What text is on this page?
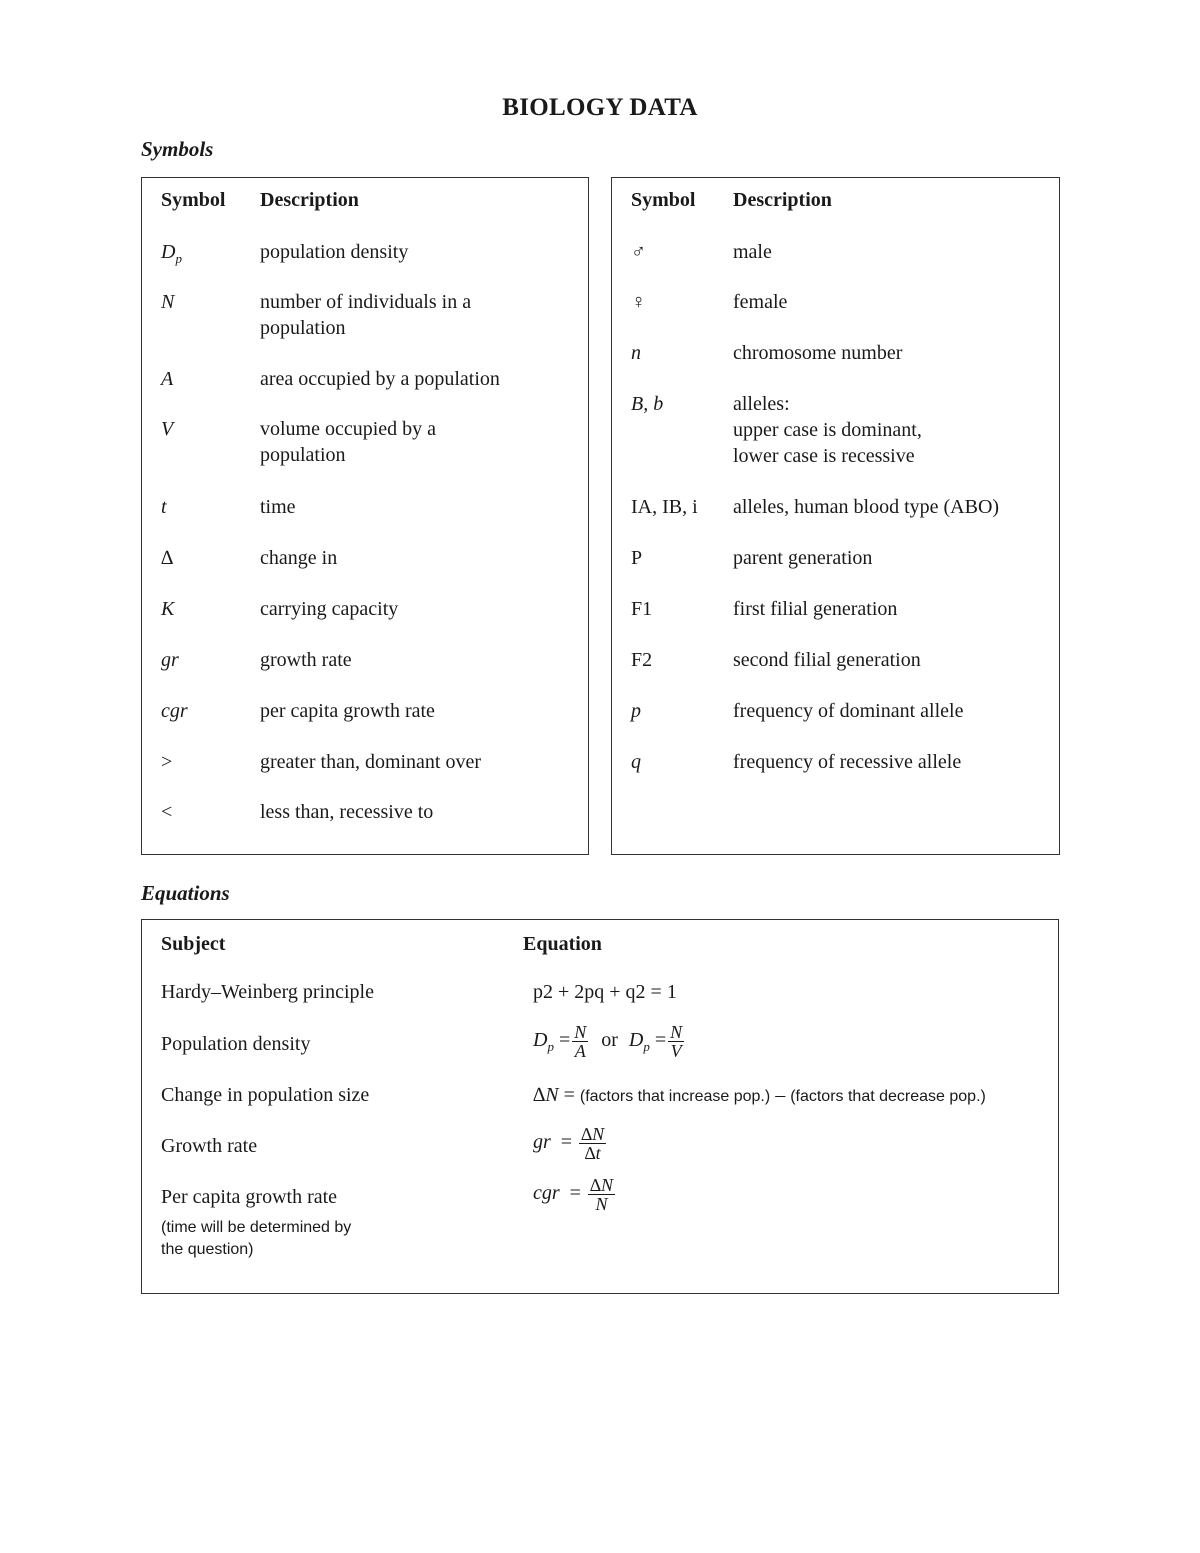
BIOLOGY DATA
Symbols
Symbol Description
$D_p$	population density
N	number of individuals in a
population
A	area occupied by a population
V	volume occupied by a
population
t	time
∆	change in
K	carrying capacity
gr	growth rate
cgr	per capita growth rate
>	greater than, dominant over
<	less than, recessive to
Symbol Description
♂	male
♀	female
n	chromosome number
B, b	alleles:
upper case is dominant,
lower case is recessive
IA, IB, i alleles, human blood type (ABO)
P	parent generation
F1	first filial generation
F2	second filial generation
p	frequency of dominant allele
q	frequency of recessive allele
Equations
Subject	Equation
Hardy–Weinberg principle	p2 + 2pq + q2 = 1
Population density	$D_p = \frac{N}{A}$ or $D_p = \frac{N}{V}$
Change in population size	∆N = (factors that increase pop.) – (factors that decrease pop.)
Growth rate	gr  = $\frac{\Delta N}{\Delta t}$
Per capita growth rate	cgr  = $\frac{\Delta N}{N}$
(time will be determined by
the question)
